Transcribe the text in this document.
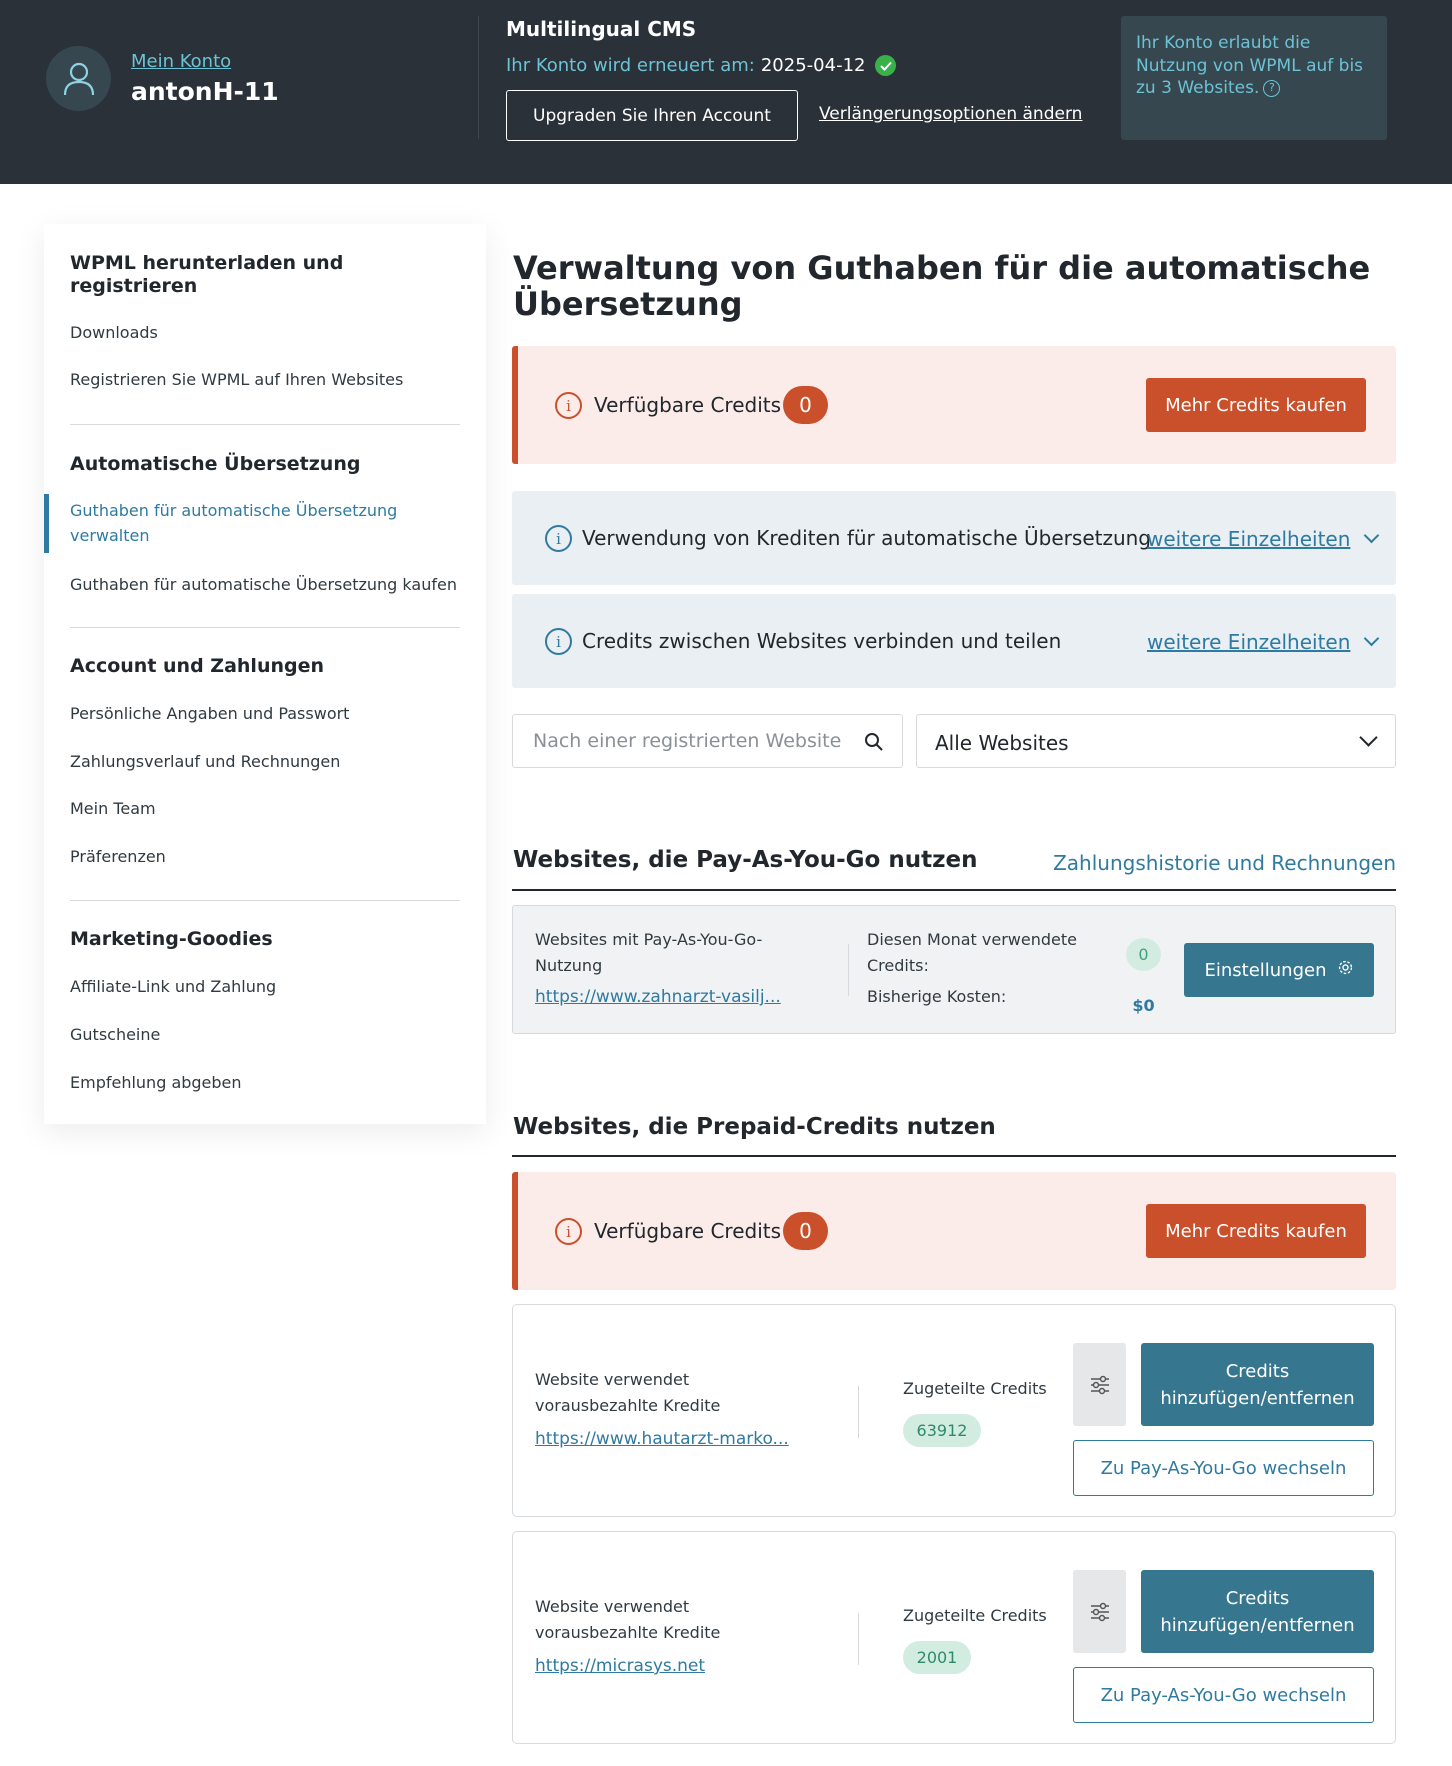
Mein Konto
antonH-11
Multilingual CMS
Ihr Konto wird erneuert am: 2025-04-12
Upgraden Sie Ihren Account	Verlängerungsoptionen ändern
Ihr Konto erlaubt die Nutzung von WPML auf bis zu 3 Websites. ?
WPML herunterladen und registrieren
Downloads
Registrieren Sie WPML auf Ihren Websites
Automatische Übersetzung
Guthaben für automatische Übersetzung verwalten
Guthaben für automatische Übersetzung kaufen
Account und Zahlungen
Persönliche Angaben und Passwort
Zahlungsverlauf und Rechnungen
Mein Team
Präferenzen
Marketing-Goodies
Affiliate-Link und Zahlung
Gutscheine
Empfehlung abgeben
Verwaltung von Guthaben für die automatische Übersetzung
i	Verfügbare Credits 0	Mehr Credits kaufen
i	Verwendung von Krediten für automatische Übersetzung
weitere Einzelheiten
i	Credits zwischen Websites verbinden und teilen	weitere Einzelheiten
Nach einer registrierten Website
Alle Websites
Websites, die Pay-As-You-Go nutzen	Zahlungshistorie und Rechnungen
Websites mit Pay-As-You-Go-Nutzung
https://www.zahnarzt-vasilj...
Diesen Monat verwendete Credits:
0
Bisherige Kosten:	$0
Einstellungen
Websites, die Prepaid-Credits nutzen
i	Verfügbare Credits 0	Mehr Credits kaufen
Website verwendet vorausbezahlte Kredite
https://www.hautarzt-marko...
Zugeteilte Credits
63912
Credits hinzufügen/entfernen
Zu Pay-As-You-Go wechseln
Website verwendet vorausbezahlte Kredite
https://micrasys.net
Zugeteilte Credits
2001
Credits hinzufügen/entfernen
Zu Pay-As-You-Go wechseln
